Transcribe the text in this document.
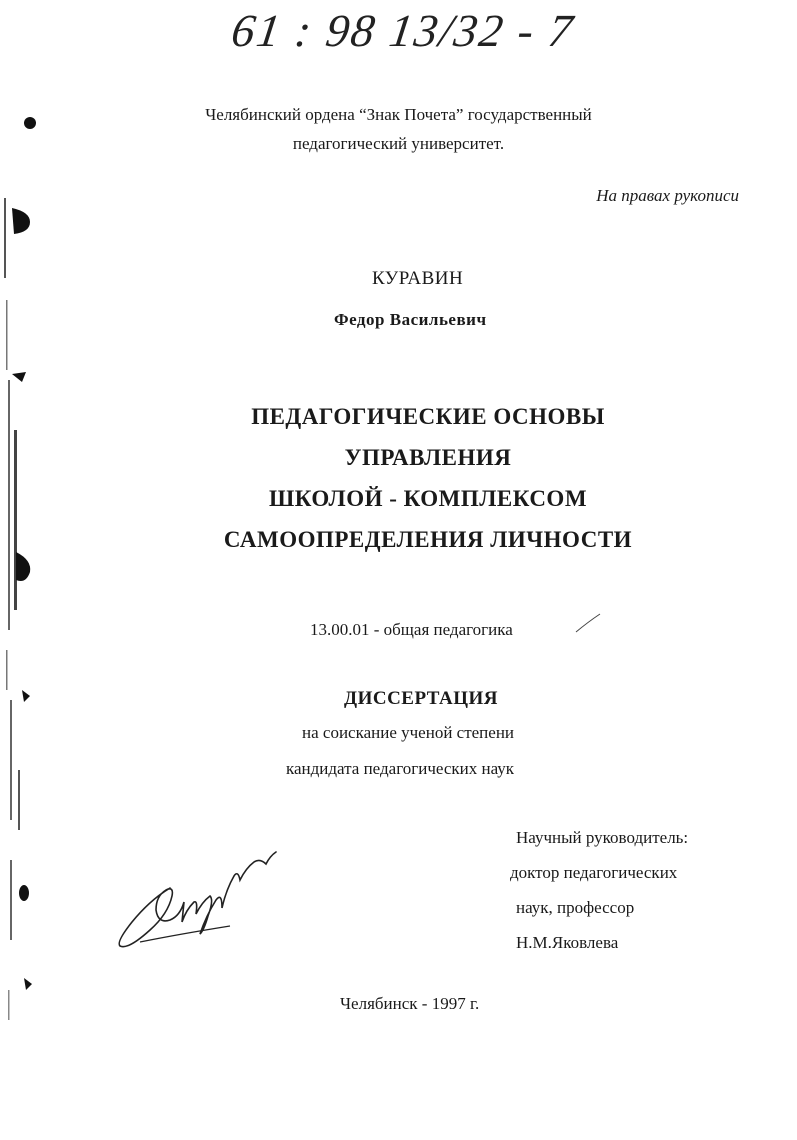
61 : 98 13/32 - 7
Челябинский ордена “Знак Почета” государственный
педагогический университет.
На правах рукописи
КУРАВИН
Федор Васильевич
ПЕДАГОГИЧЕСКИЕ ОСНОВЫ
УПРАВЛЕНИЯ
ШКОЛОЙ - КОМПЛЕКСОМ
САМООПРЕДЕЛЕНИЯ ЛИЧНОСТИ
13.00.01 - общая педагогика
ДИССЕРТАЦИЯ
на соискание ученой степени
кандидата педагогических наук
Научный руководитель:
доктор педагогических
наук, профессор
Н.М.Яковлева
Челябинск - 1997 г.
